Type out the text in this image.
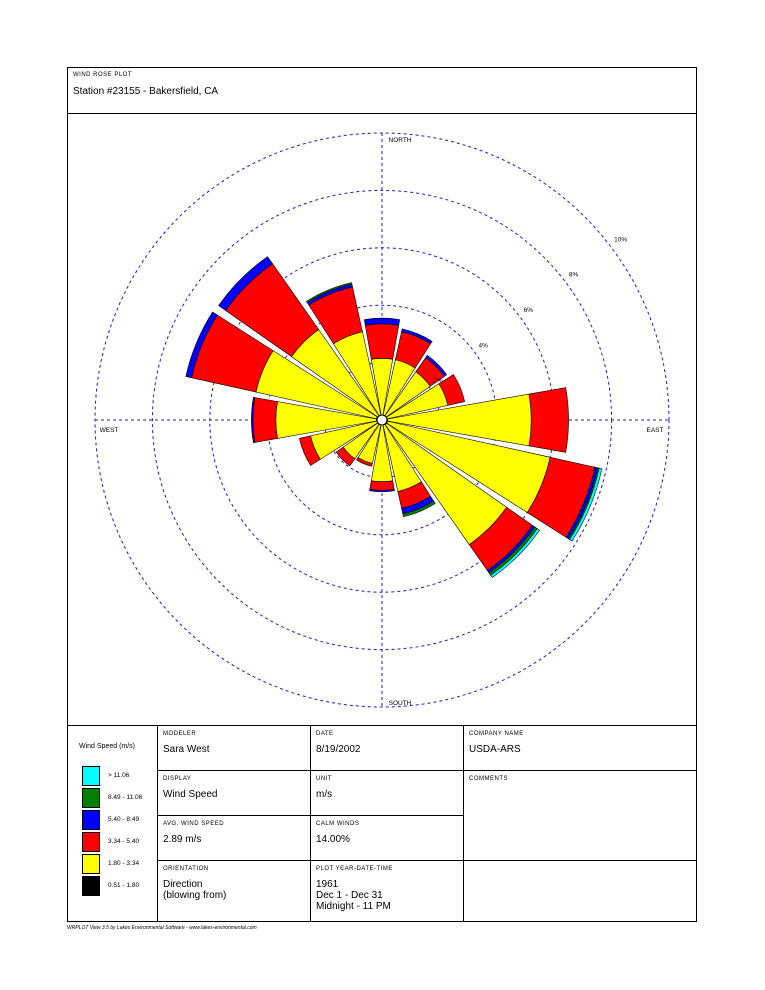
WIND ROSE PLOT
Station #23155 - Bakersfield, CA
NORTH
SOUTH
EAST
WEST
2%
4%
6%
8%
10%
Wind Speed (m/s)
> 11.06
8.49 - 11.06
5.40 - 8.49
3.34 - 5.40
1.80 - 3.34
0.51 - 1.80
MODELER
Sara West
DATE
8/19/2002
COMPANY NAME
USDA-ARS
DISPLAY
Wind Speed
UNIT
m/s
COMMENTS
AVG. WIND SPEED
2.89 m/s
CALM WINDS
14.00%
ORIENTATION
Direction
(blowing from)
PLOT YEAR-DATE-TIME
1961
Dec 1 - Dec 31
Midnight - 11 PM
WRPLOT View 3.5 by Lakes Environmental Software - www.lakes-environmental.com
